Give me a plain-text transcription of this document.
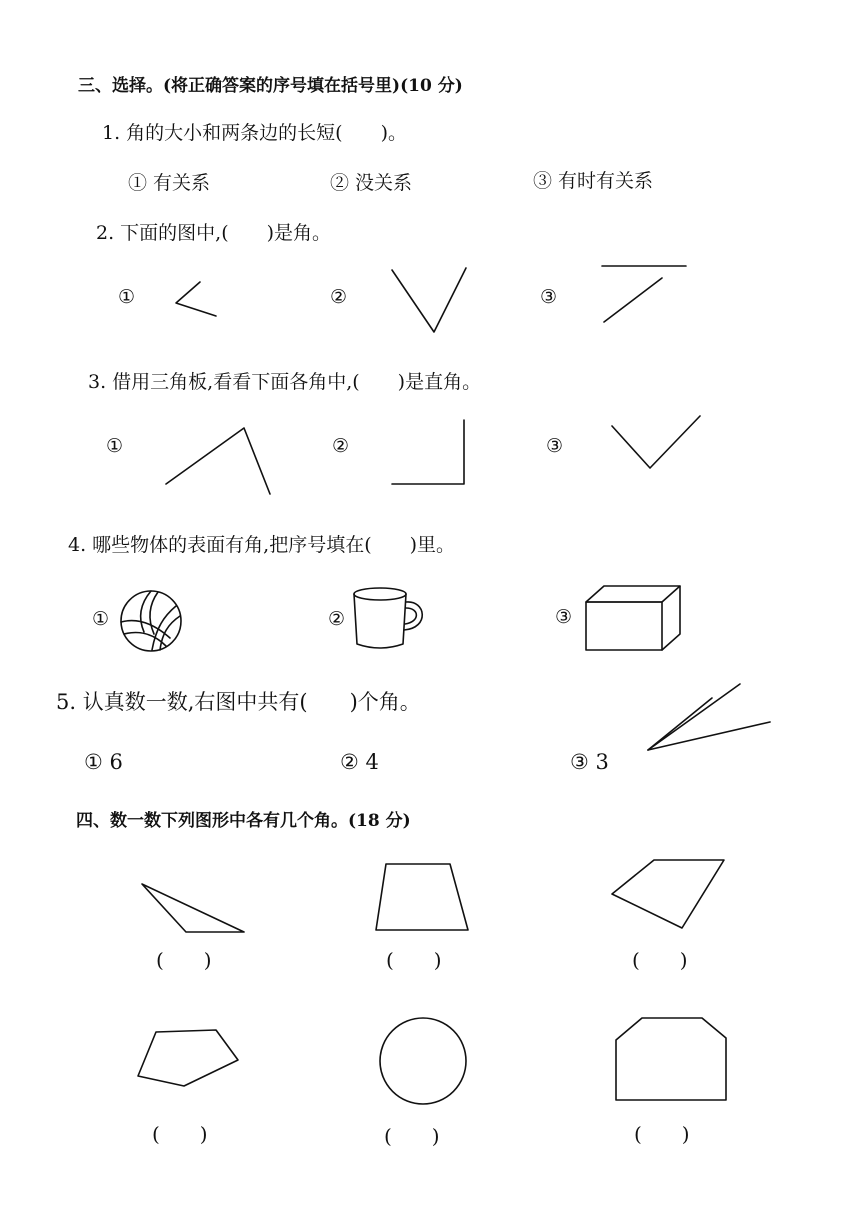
三、选择。(将正确答案的序号填在括号里)(10 分)
1. 角的大小和两条边的长短(　　)。
① 有关系	② 没关系	③ 有时有关系
2. 下面的图中,(　　)是角。
①	②	③
3. 借用三角板,看看下面各角中,(　　)是直角。
①	②	③
4. 哪些物体的表面有角,把序号填在(　　)里。
①	②	③
5. 认真数一数,右图中共有(　　)个角。
① 6	② 4	③ 3
四、数一数下列图形中各有几个角。(18 分)
(　　)	(　　)	(　　)
(　　)	(　　)	(　　)
